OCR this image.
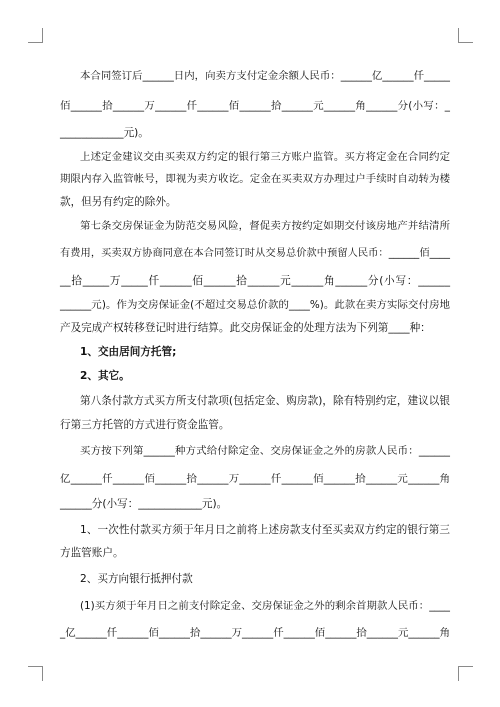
本合同签订后______日内，向卖方支付定金余额人民币：______亿______仟_____
佰______拾______万______仟______佰______拾______元______角______分(小写：_
____________元)。
上述定金建议交由买卖双方约定的银行第三方账户监管。买方将定金在合同约定
期限内存入监管帐号，即视为卖方收讫。定金在买卖双方办理过户手续时自动转为楼
款，但另有约定的除外。
第七条交房保证金为防范交易风险，督促卖方按约定如期交付该房地产并结清所
有费用，买卖双方协商同意在本合同签订时从交易总价款中预留人民币：______佰____
__拾_____万_____仟______佰______拾______元______角______分(小写：______
______元)。作为交房保证金(不超过交易总价款的____%)。此款在卖方实际交付房地
产及完成产权转移登记时进行结算。此交房保证金的处理方法为下列第____种：
1、交由居间方托管;
2、其它。
第八条付款方式买方所支付款项(包括定金、购房款)，除有特别约定，建议以银
行第三方托管的方式进行资金监管。
买方按下列第______种方式给付除定金、交房保证金之外的房款人民币：______
亿______仟______佰______拾______万______仟______佰______拾______元______角
______分(小写：____________元)。
1、一次性付款买方须于年月日之前将上述房款支付至买卖双方约定的银行第三
方监管账户。
2、买方向银行抵押付款
(1)买方须于年月日之前支付除定金、交房保证金之外的剩余首期款人民币：____
_亿______仟______佰______拾______万______仟______佰______拾______元______角
